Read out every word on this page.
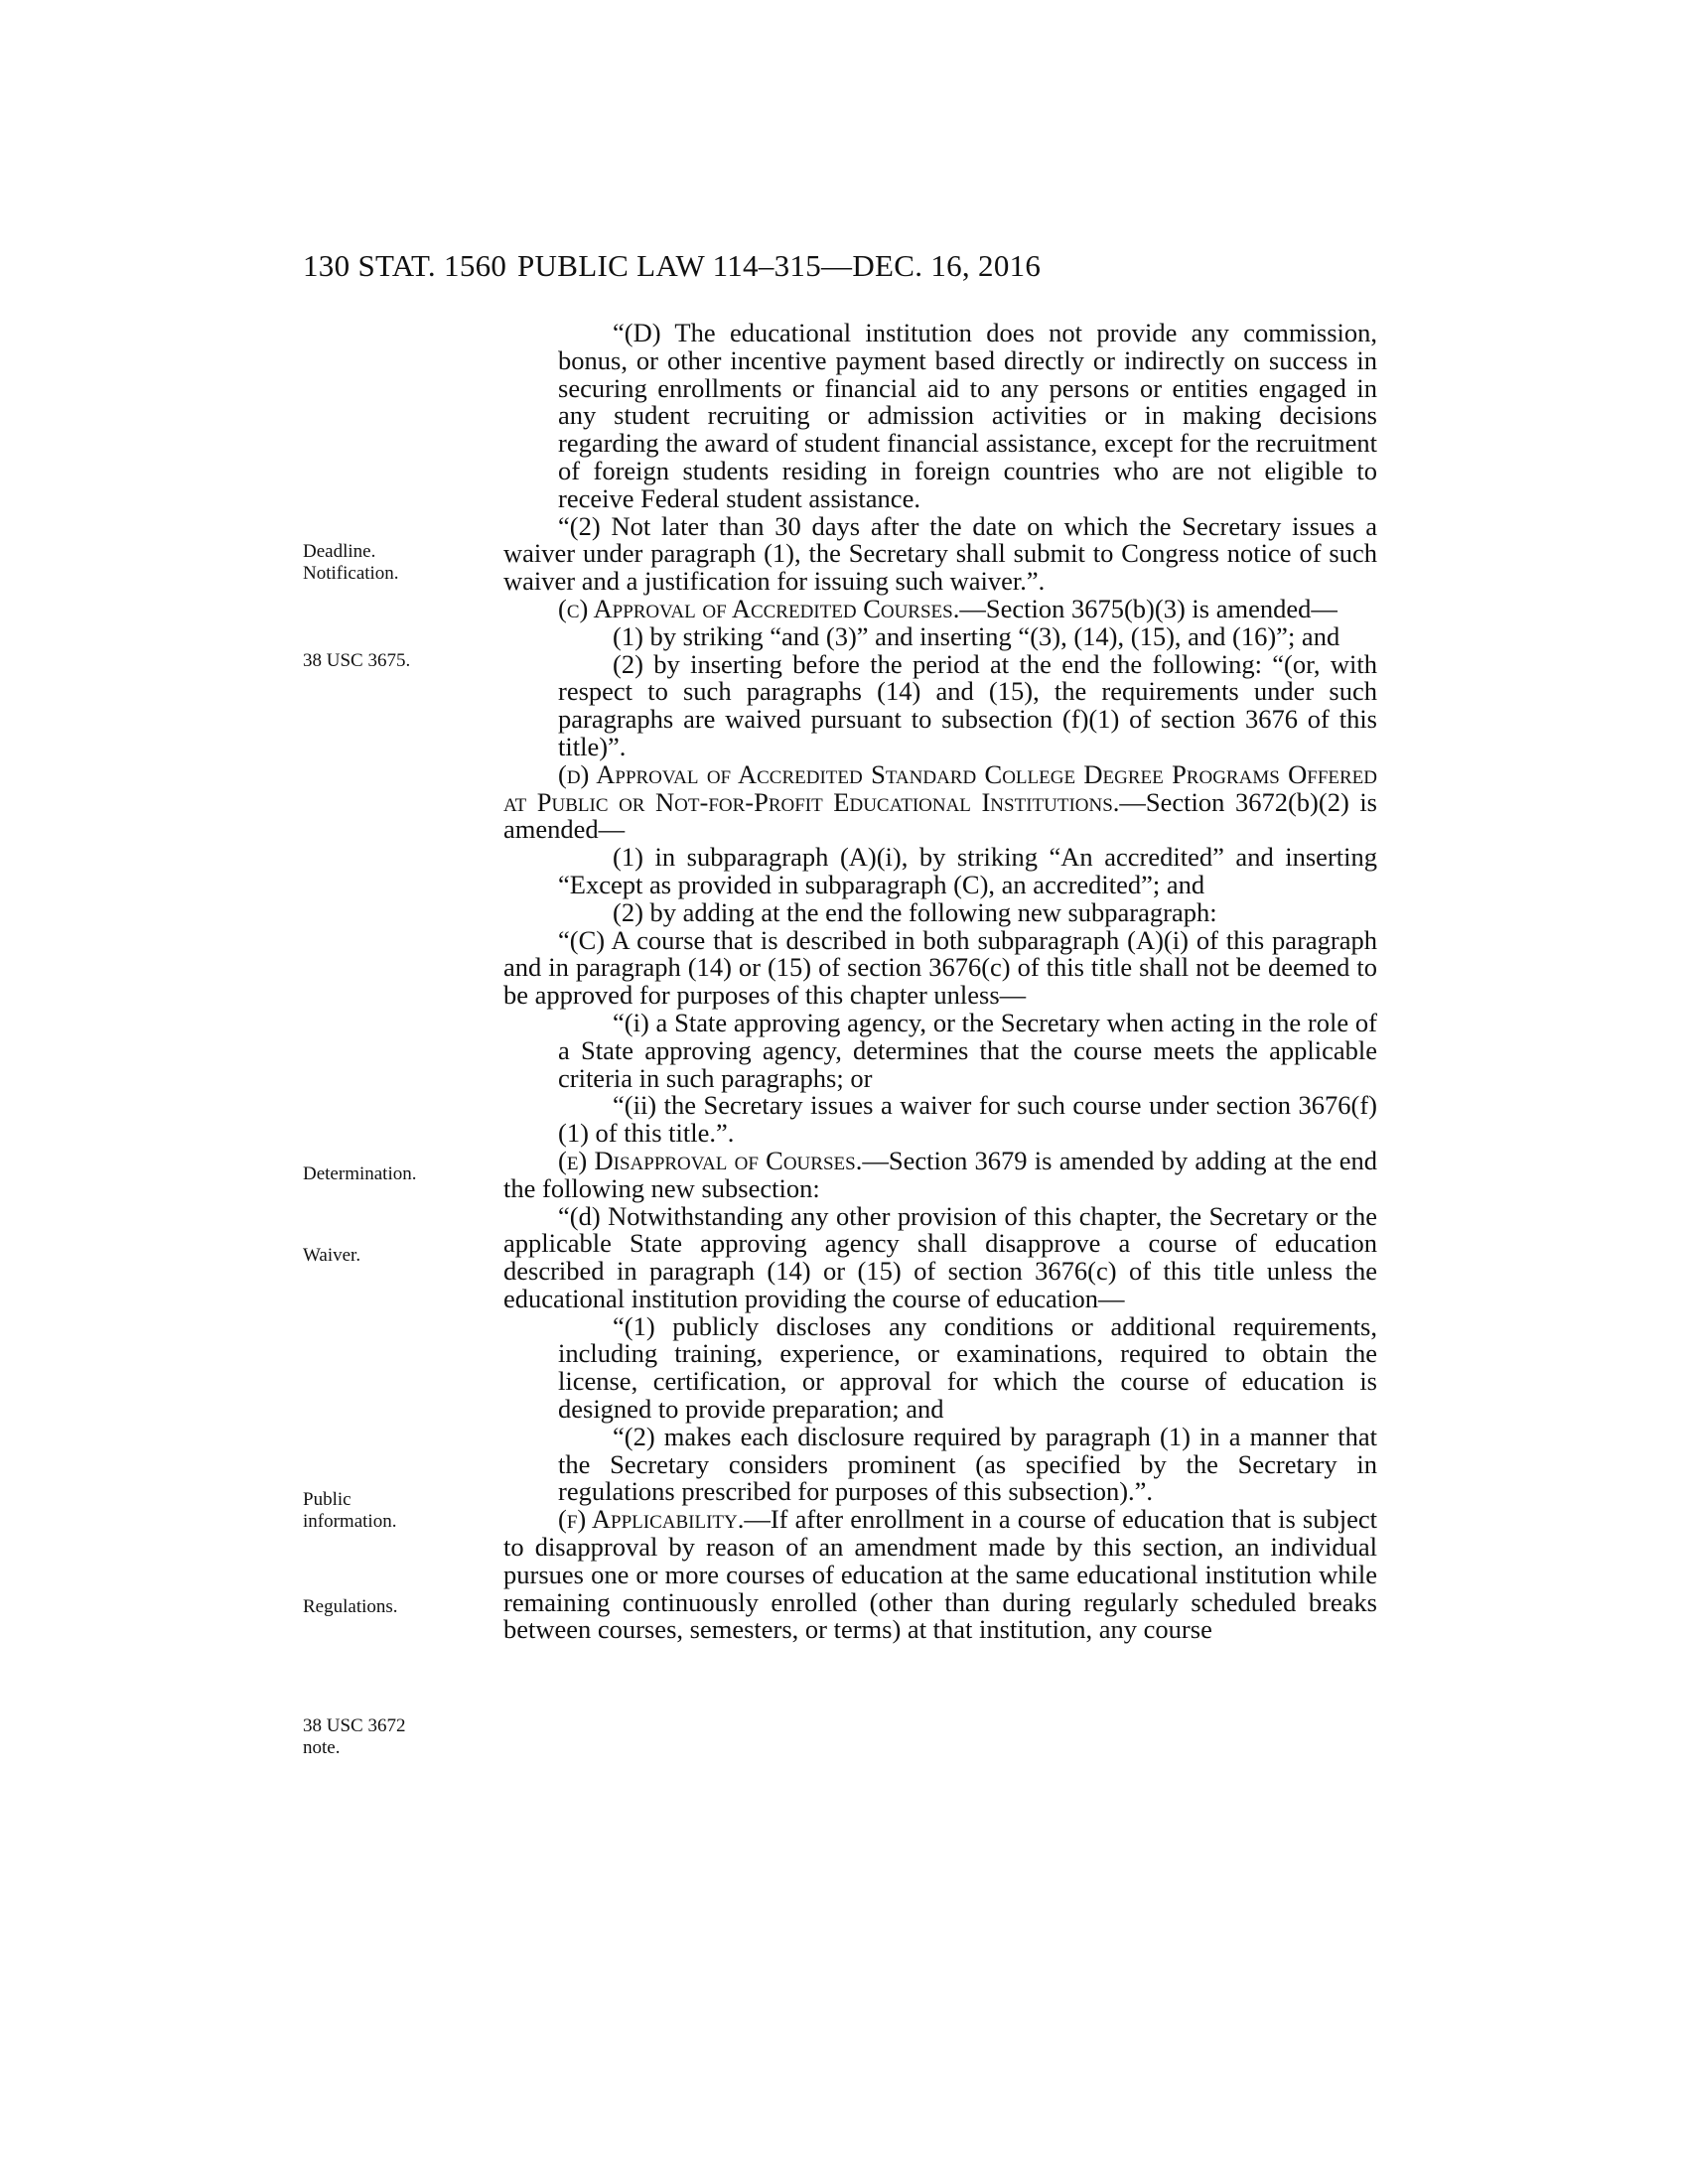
130 STAT. 1560 PUBLIC LAW 114–315—DEC. 16, 2016
Deadline.
Notification.
38 USC 3675.
Determination.
Waiver.
Public
information.
Regulations.
38 USC 3672
note.

“(D) The educational institution does not provide any commission, bonus, or other incentive payment based directly or indirectly on success in securing enrollments or financial aid to any persons or entities engaged in any student recruiting or admission activities or in making decisions regarding the award of student financial assistance, except for the recruitment of foreign students residing in foreign countries who are not eligible to receive Federal student assistance.

“(2) Not later than 30 days after the date on which the Secretary issues a waiver under paragraph (1), the Secretary shall submit to Congress notice of such waiver and a justification for issuing such waiver.”.

(c) Approval of Accredited Courses.—Section 3675(b)(3) is amended—

(1) by striking “and (3)” and inserting “(3), (14), (15), and (16)”; and

(2) by inserting before the period at the end the following: “(or, with respect to such paragraphs (14) and (15), the requirements under such paragraphs are waived pursuant to subsection (f)(1) of section 3676 of this title)”.

(d) Approval of Accredited Standard College Degree Programs Offered at Public or Not-for-Profit Educational Institutions.—Section 3672(b)(2) is amended—

(1) in subparagraph (A)(i), by striking “An accredited” and inserting “Except as provided in subparagraph (C), an accredited”; and

(2) by adding at the end the following new subparagraph:

“(C) A course that is described in both subparagraph (A)(i) of this paragraph and in paragraph (14) or (15) of section 3676(c) of this title shall not be deemed to be approved for purposes of this chapter unless—

“(i) a State approving agency, or the Secretary when acting in the role of a State approving agency, determines that the course meets the applicable criteria in such paragraphs; or

“(ii) the Secretary issues a waiver for such course under section 3676(f)(1) of this title.”.

(e) Disapproval of Courses.—Section 3679 is amended by adding at the end the following new subsection:

“(d) Notwithstanding any other provision of this chapter, the Secretary or the applicable State approving agency shall disapprove a course of education described in paragraph (14) or (15) of section 3676(c) of this title unless the educational institution providing the course of education—

“(1) publicly discloses any conditions or additional requirements, including training, experience, or examinations, required to obtain the license, certification, or approval for which the course of education is designed to provide preparation; and

“(2) makes each disclosure required by paragraph (1) in a manner that the Secretary considers prominent (as specified by the Secretary in regulations prescribed for purposes of this subsection).”.

(f) Applicability.—If after enrollment in a course of education that is subject to disapproval by reason of an amendment made by this section, an individual pursues one or more courses of education at the same educational institution while remaining continuously enrolled (other than during regularly scheduled breaks between courses, semesters, or terms) at that institution, any course
